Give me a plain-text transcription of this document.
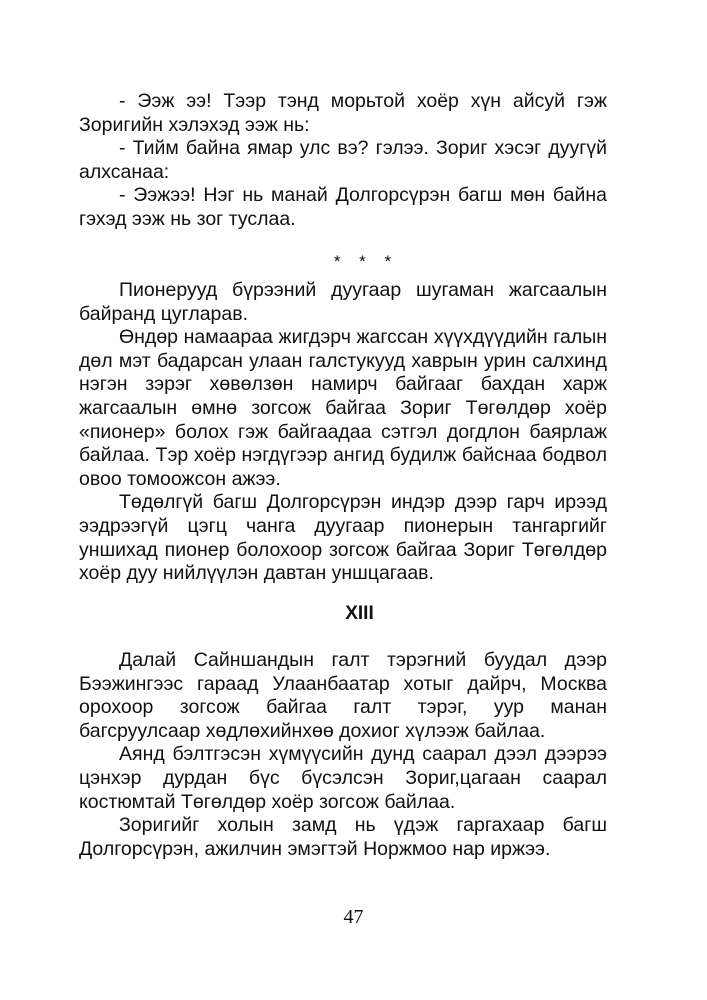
- Ээж ээ! Тээр тэнд морьтой хоёр хүн айсуй гэж Зоригийн хэлэхэд ээж нь:

- Тийм байна ямар улс вэ? гэлээ. Зориг хэсэг дуугүй алхсанаа:

- Ээжээ! Нэг нь манай Долгорсүрэн багш мөн байна гэхэд ээж нь зог туслаа.

* * *

Пионерууд бүрээний дуугаар шугаман жагсаалын байранд цугларав.

Өндөр намаараа жигдэрч жагссан хүүхдүүдийн галын дөл мэт бадарсан улаан галстукууд хаврын урин салхинд нэгэн зэрэг хөвөлзөн намирч байгааг бахдан харж жагсаалын өмнө зогсож байгаа Зориг Төгөлдөр хоёр «пионер» болох гэж байгаадаа сэтгэл догдлон баярлаж байлаа. Тэр хоёр нэгдүгээр ангид будилж байснаа бодвол овоо томоожсон ажээ.

Төдөлгүй багш Долгорсүрэн индэр дээр гарч ирээд ээдрээгүй цэгц чанга дуугаар пионерын тангаргийг уншихад пионер болохоор зогсож байгаа Зориг Төгөлдөр хоёр дуу нийлүүлэн давтан уншцагаав.

XIII

Далай Сайншандын галт тэрэгний буудал дээр Бээжингээс гараад Улаанбаатар хотыг дайрч, Москва орохоор зогсож байгаа галт тэрэг, уур манан багсруулсаар хөдлөхийнхөө дохиог хүлээж байлаа.

Аянд бэлтгэсэн хүмүүсийн дунд саарал дээл дээрээ цэнхэр дурдан бүс бүсэлсэн Зориг,цагаан саарал костюмтай Төгөлдөр хоёр зогсож байлаа.

Зоригийг холын замд нь үдэж гаргахаар багш Долгорсүрэн, ажилчин эмэгтэй Норжмоо нар иржээ.

47
